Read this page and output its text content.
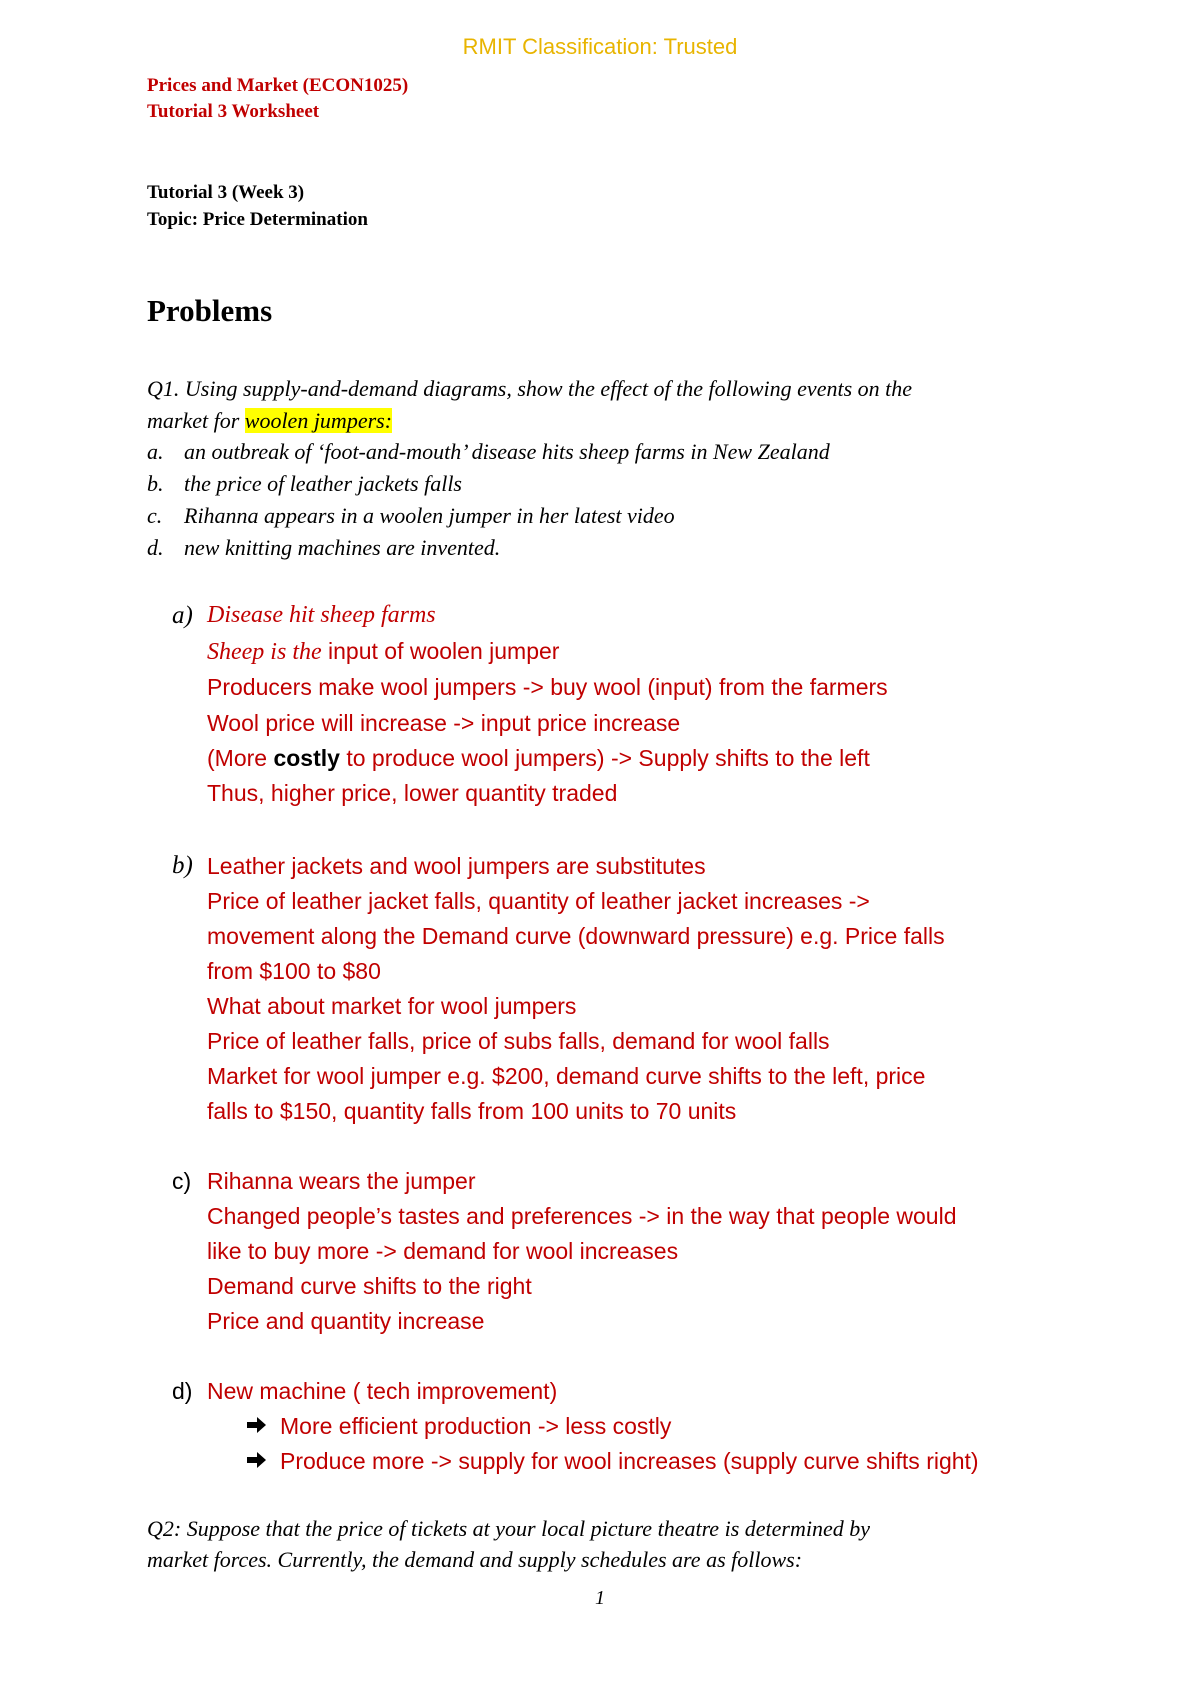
RMIT Classification: Trusted
Prices and Market (ECON1025)
Tutorial 3 Worksheet
Tutorial 3 (Week 3)
Topic: Price Determination
Problems
Q1. Using supply-and-demand diagrams, show the effect of the following events on the
market for woolen jumpers:
a. an outbreak of ‘foot-and-mouth’ disease hits sheep farms in New Zealand
b. the price of leather jackets falls
c. Rihanna appears in a woolen jumper in her latest video
d. new knitting machines are invented.
a) Disease hit sheep farms
Sheep is the input of woolen jumper
Producers make wool jumpers -> buy wool (input) from the farmers
Wool price will increase -> input price increase
(More costly to produce wool jumpers) -> Supply shifts to the left
Thus, higher price, lower quantity traded
b) Leather jackets and wool jumpers are substitutes
Price of leather jacket falls, quantity of leather jacket increases ->
movement along the Demand curve (downward pressure) e.g. Price falls
from $100 to $80
What about market for wool jumpers
Price of leather falls, price of subs falls, demand for wool falls
Market for wool jumper e.g. $200, demand curve shifts to the left, price
falls to $150, quantity falls from 100 units to 70 units
c) Rihanna wears the jumper
Changed people’s tastes and preferences -> in the way that people would
like to buy more -> demand for wool increases
Demand curve shifts to the right
Price and quantity increase
d) New machine ( tech improvement)
More efficient production -> less costly
Produce more -> supply for wool increases (supply curve shifts right)
Q2: Suppose that the price of tickets at your local picture theatre is determined by
market forces. Currently, the demand and supply schedules are as follows:
1
